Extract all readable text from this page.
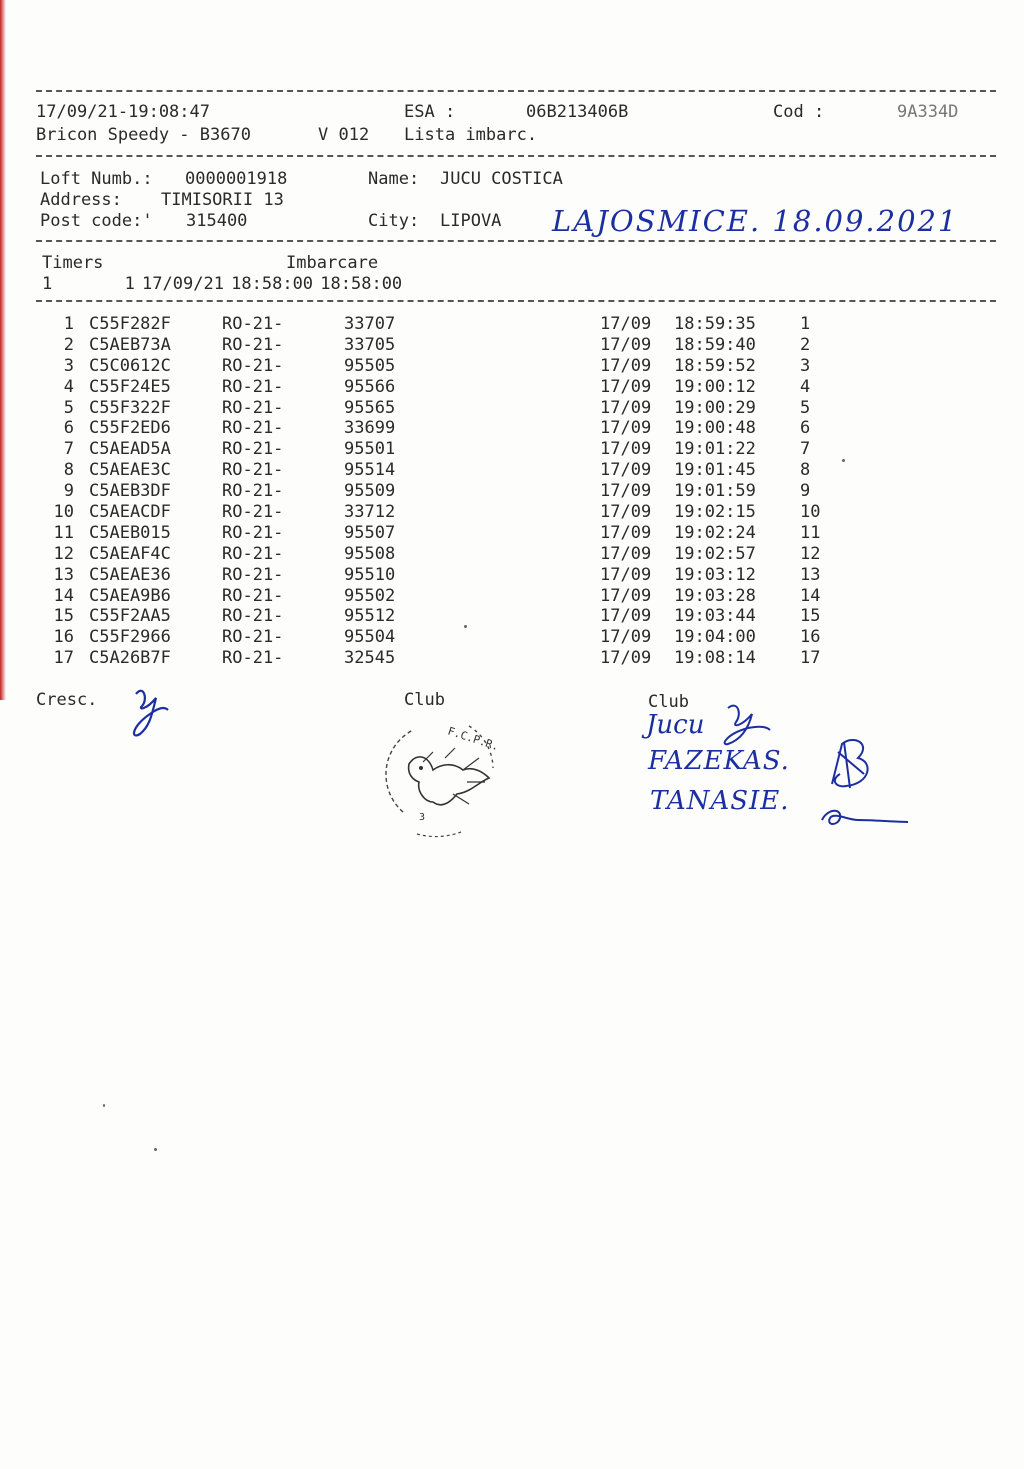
17/09/21-19:08:47	ESA :	06B213406B	Cod :	9A334D
Bricon Speedy - B3670	V 012 Lista imbarc.
Loft Numb.: 0000001918	Name: JUCU COSTICA
Address: TIMISORII 13
Post code:' 315400	City: LIPOVA LAJOSMICE. 18.09.2021
Timers	Imbarcare
1          1 17/09/21 18:58:00 18:58:00
1 C55F282F	RO-21-	33707	17/09 18:59:35	1
2 C5AEB73A	RO-21-	33705	17/09 18:59:40	2
3 C5C0612C	RO-21-	95505	17/09 18:59:52	3
4 C55F24E5	RO-21-	95566	17/09 19:00:12	4
5 C55F322F	RO-21-	95565	17/09 19:00:29	5
6 C55F2ED6	RO-21-	33699	17/09 19:00:48	6
7 C5AEAD5A	RO-21-	95501	17/09 19:01:22	7
8 C5AEAE3C	RO-21-	95514	17/09 19:01:45	8
9 C5AEB3DF	RO-21-	95509	17/09 19:01:59	9
10 C5AEACDF	RO-21-	33712	17/09 19:02:15	10
11 C5AEB015	RO-21-	95507	17/09 19:02:24	11
12 C5AEAF4C	RO-21-	95508	17/09 19:02:57	12
13 C5AEAE36	RO-21-	95510	17/09 19:03:12	13
14 C5AEA9B6	RO-21-	95502	17/09 19:03:28	14
15 C55F2AA5	RO-21-	95512	17/09 19:03:44	15
16 C55F2966	RO-21-	95504	17/09 19:04:00	16
17 C5A26B7F	RO-21-	32545	17/09 19:08:14	17
Cresc.	Club	Club
F.C.P.R.
3
Jucu
FAZEKAS.
TANASIE.
